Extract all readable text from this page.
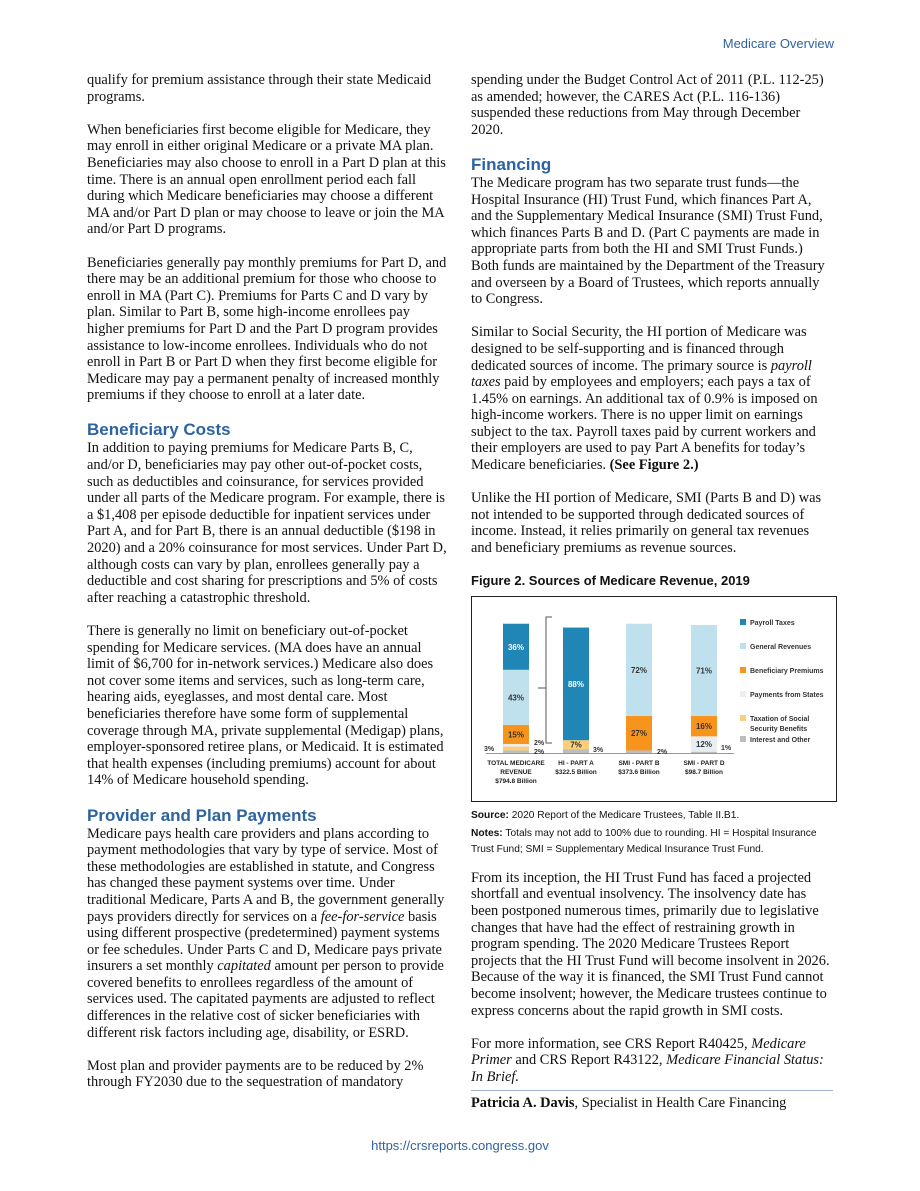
Medicare Overview

qualify for premium assistance through their state Medicaid programs.

When beneficiaries first become eligible for Medicare, they may enroll in either original Medicare or a private MA plan. Beneficiaries may also choose to enroll in a Part D plan at this time. There is an annual open enrollment period each fall during which Medicare beneficiaries may choose a different MA and/or Part D plan or may choose to leave or join the MA and/or Part D programs.

Beneficiaries generally pay monthly premiums for Part D, and there may be an additional premium for those who choose to enroll in MA (Part C). Premiums for Parts C and D vary by plan. Similar to Part B, some high-income enrollees pay higher premiums for Part D and the Part D program provides assistance to low-income enrollees. Individuals who do not enroll in Part B or Part D when they first become eligible for Medicare may pay a permanent penalty of increased monthly premiums if they choose to enroll at a later date.

Beneficiary Costs

In addition to paying premiums for Medicare Parts B, C, and/or D, beneficiaries may pay other out-of-pocket costs, such as deductibles and coinsurance, for services provided under all parts of the Medicare program. For example, there is a $1,408 per episode deductible for inpatient services under Part A, and for Part B, there is an annual deductible ($198 in 2020) and a 20% coinsurance for most services. Under Part D, although costs can vary by plan, enrollees generally pay a deductible and cost sharing for prescriptions and 5% of costs after reaching a catastrophic threshold.

There is generally no limit on beneficiary out-of-pocket spending for Medicare services. (MA does have an annual limit of $6,700 for in-network services.) Medicare also does not cover some items and services, such as long-term care, hearing aids, eyeglasses, and most dental care. Most beneficiaries therefore have some form of supplemental coverage through MA, private supplemental (Medigap) plans, employer-sponsored retiree plans, or Medicaid. It is estimated that health expenses (including premiums) account for about 14% of Medicare household spending.

Provider and Plan Payments

Medicare pays health care providers and plans according to payment methodologies that vary by type of service. Most of these methodologies are established in statute, and Congress has changed these payment systems over time. Under traditional Medicare, Parts A and B, the government generally pays providers directly for services on a fee-for-service basis using different prospective (predetermined) payment systems or fee schedules. Under Parts C and D, Medicare pays private insurers a set monthly capitated amount per person to provide covered benefits to enrollees regardless of the amount of services used. The capitated payments are adjusted to reflect differences in the relative cost of sicker beneficiaries with different risk factors including age, disability, or ESRD.

Most plan and provider payments are to be reduced by 2% through FY2030 due to the sequestration of mandatory

spending under the Budget Control Act of 2011 (P.L. 112-25) as amended; however, the CARES Act (P.L. 116-136) suspended these reductions from May through December 2020.

Financing

The Medicare program has two separate trust funds—the Hospital Insurance (HI) Trust Fund, which finances Part A, and the Supplementary Medical Insurance (SMI) Trust Fund, which finances Parts B and D. (Part C payments are made in appropriate parts from both the HI and SMI Trust Funds.) Both funds are maintained by the Department of the Treasury and overseen by a Board of Trustees, which reports annually to Congress.

Similar to Social Security, the HI portion of Medicare was designed to be self-supporting and is financed through dedicated sources of income. The primary source is payroll taxes paid by employees and employers; each pays a tax of 1.45% on earnings. An additional tax of 0.9% is imposed on high-income workers. There is no upper limit on earnings subject to the tax. Payroll taxes paid by current workers and their employers are used to pay Part A benefits for today’s Medicare beneficiaries. (See Figure 2.)

Unlike the HI portion of Medicare, SMI (Parts B and D) was not intended to be supported through dedicated sources of income. Instead, it relies primarily on general tax revenues and beneficiary premiums as revenue sources.

Figure 2. Sources of Medicare Revenue, 2019
15%
43%
36%
TOTAL MEDICARE
REVENUE
$794.8 Billion
7%
88%
HI - PART A
$322.5 Billion
27%
72%
SMI - PART B
$373.6 Billion
12%
16%
71%
SMI - PART D
$98.7 Billion
3%
2%
2%	3%	2%
1%
Payroll Taxes
General Revenues
Beneficiary Premiums
Payments from States
Taxation of Social
Security Benefits
Interest and Other
Source: 2020 Report of the Medicare Trustees, Table II.B1.
Notes: Totals may not add to 100% due to rounding. HI = Hospital Insurance Trust Fund; SMI = Supplementary Medical Insurance Trust Fund.

From its inception, the HI Trust Fund has faced a projected shortfall and eventual insolvency. The insolvency date has been postponed numerous times, primarily due to legislative changes that have had the effect of restraining growth in program spending. The 2020 Medicare Trustees Report projects that the HI Trust Fund will become insolvent in 2026. Because of the way it is financed, the SMI Trust Fund cannot become insolvent; however, the Medicare trustees continue to express concerns about the rapid growth in SMI costs.

For more information, see CRS Report R40425, Medicare Primer and CRS Report R43122, Medicare Financial Status: In Brief.

Patricia A. Davis, Specialist in Health Care Financing

https://crsreports.congress.gov
